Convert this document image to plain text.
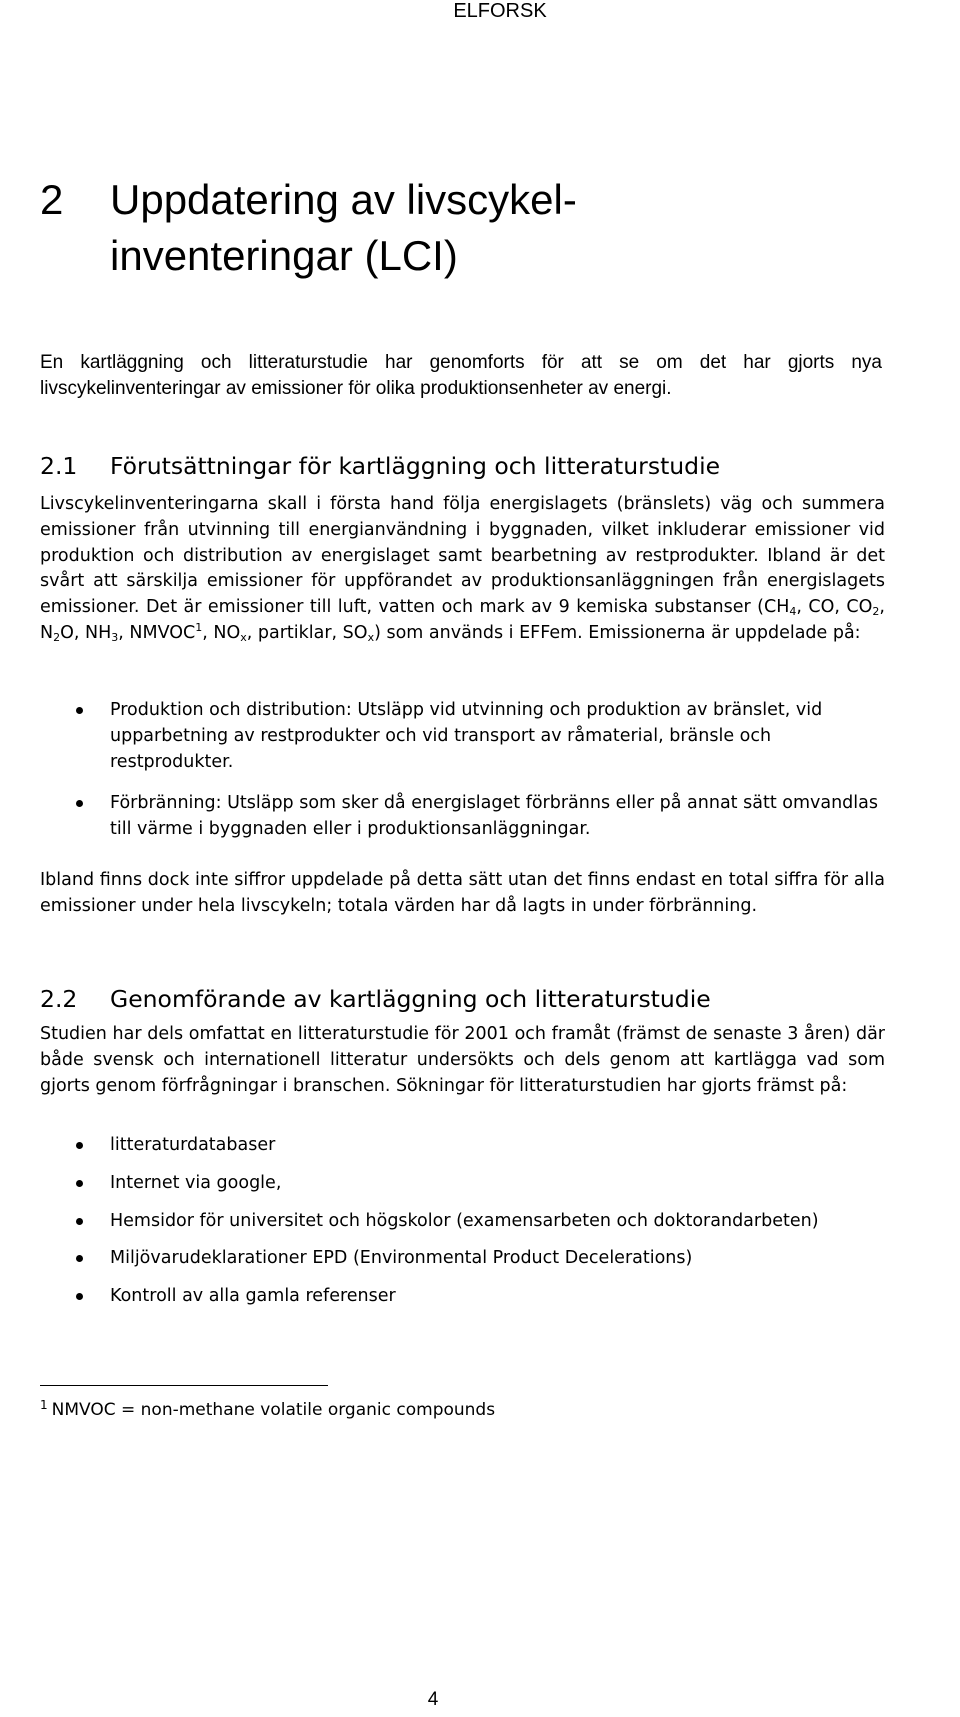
ELFORSK
2 Uppdatering av livscykel-inventeringar (LCI)

En kartläggning och litteraturstudie har genomforts för att se om det har gjorts nya livscykelinventeringar av emissioner för olika produktionsenheter av energi.

2.1 Förutsättningar för kartläggning och litteraturstudie

Livscykelinventeringarna skall i första hand följa energislagets (bränslets) väg och summera emissioner från utvinning till energianvändning i byggnaden, vilket inkluderar emissioner vid produktion och distribution av energislaget samt bearbetning av restprodukter. Ibland är det svårt att särskilja emissioner för uppförandet av produktionsanläggningen från energislagets emissioner. Det är emissioner till luft, vatten och mark av 9 kemiska substanser ($CH_4$, CO, $CO_2$, $N_2O$, $NH_3$, NMVOC$^1$, $NO_x$, partiklar, $SO_x$) som används i EFFem. Emissionerna är uppdelade på:

Produktion och distribution: Utsläpp vid utvinning och produktion av bränslet, vid upparbetning av restprodukter och vid transport av råmaterial, bränsle och restprodukter.
Förbränning: Utsläpp som sker då energislaget förbränns eller på annat sätt omvandlas till värme i byggnaden eller i produktionsanläggningar.

Ibland finns dock inte siffror uppdelade på detta sätt utan det finns endast en total siffra för alla emissioner under hela livscykeln; totala värden har då lagts in under förbränning.

2.2 Genomförande av kartläggning och litteraturstudie

Studien har dels omfattat en litteraturstudie för 2001 och framåt (främst de senaste 3 åren) där både svensk och internationell litteratur undersökts och dels genom att kartlägga vad som gjorts genom förfrågningar i branschen. Sökningar för litteraturstudien har gjorts främst på:

litteraturdatabaser
Internet via google,
Hemsidor för universitet och högskolor (examensarbeten och doktorandarbeten)
Miljövarudeklarationer EPD (Environmental Product Decelerations)
Kontroll av alla gamla referenser

$^1$ NMVOC = non-methane volatile organic compounds

4
